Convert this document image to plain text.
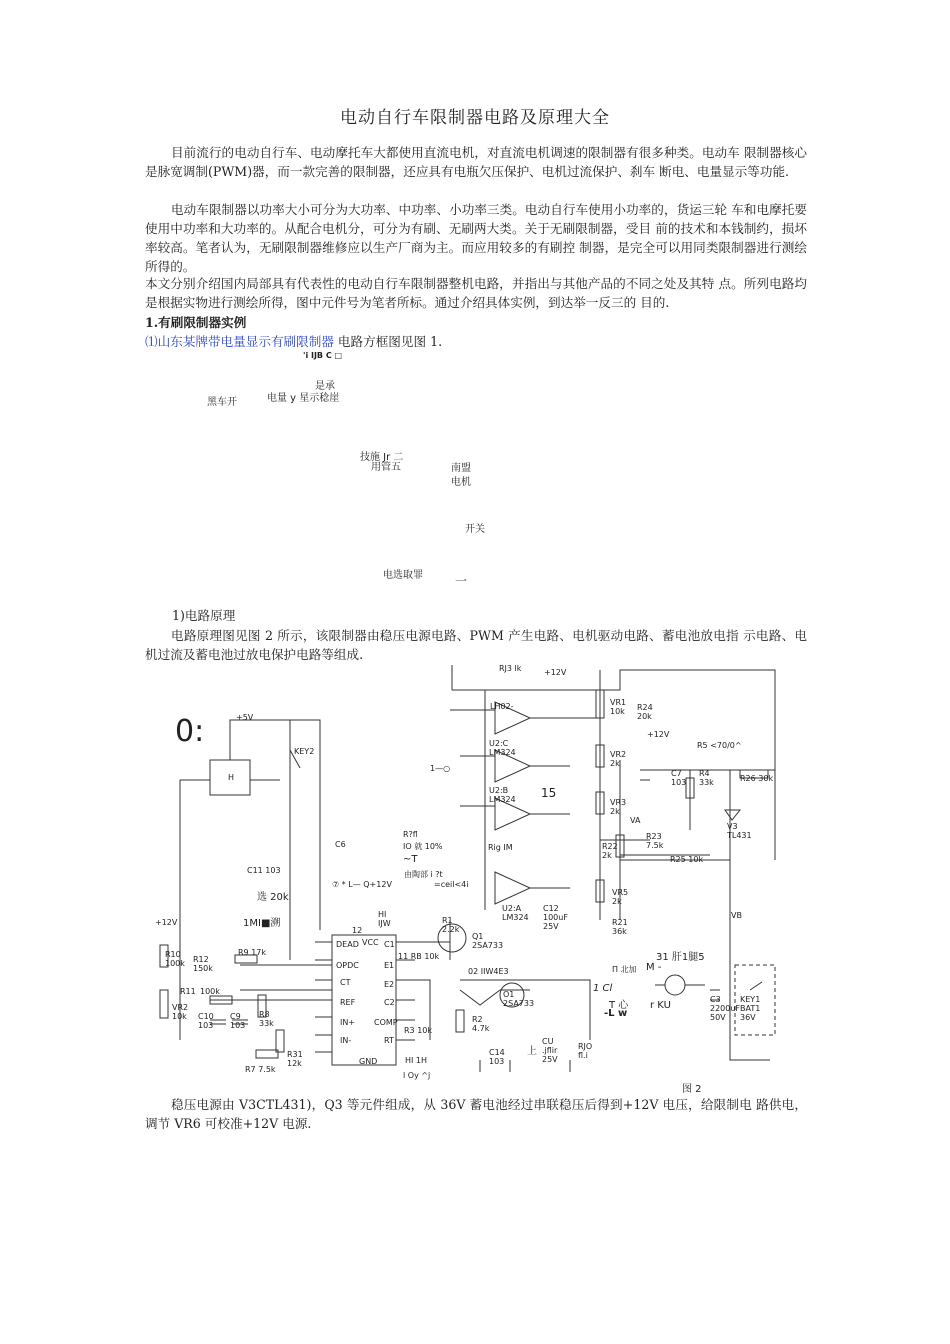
电动自行车限制器电路及原理大全
目前流行的电动自行车、电动摩托车大都使用直流电机，对直流电机调速的限制器有很多种类。电动车 限制器核心是脉宽调制(PWM)器，而一款完善的限制器，还应具有电瓶欠压保护、电机过流保护、刹车 断电、电量显示等功能.
电动车限制器以功率大小可分为大功率、中功率、小功率三类。电动自行车使用小功率的，货运三轮 车和电摩托要使用中功率和大功率的。从配合电机分，可分为有刷、无刷两大类。关于无刷限制器，受目 前的技术和本钱制约，损坏率较高。笔者认为，无刷限制器维修应以生产厂商为主。而应用较多的有刷控 制器，是完全可以用同类限制器进行测绘所得的。
本文分别介绍国内局部具有代表性的电动自行车限制器整机电路，并指出与其他产品的不同之处及其特 点。所列电路均是根据实物进行测绘所得，图中元件号为笔者所标。通过介绍具体实例，到达举一反三的 目的.
1.有刷限制器实例
⑴山东某牌带电量显示有刷限制器 电路方框图见图 1.
'i IJB C □
是承
黑车开	电量 y 星示稔崖
技施 Jr 二
用管五	南盟
电机
开关
电选取罪	一
1)电路原理
电路原理图见图 2 所示，该限制器由稳压电源电路、PWM 产生电路、电机驱动电路、蓄电池放电指 示电路、电机过流及蓄电池过放电保护电路等组成.
0:	+5V
KEY2
H
RJ3 lk	+12V
LH02-
U2:C LM324
U2:B LM324
U2:A LM324
15
1—○
VR1 10k	R24 20k
VR2 2k
VR3 2k
R22 2k
R23 7.5k
R25 10k
VR5 2k
R21 36k
C12 100uF 25V
+12V
C7 103
R4 33k
R5 <70/0^
R26 30k
V3 TL431
VA
VB
C6
R?fl
IO 就 10%
~T
Rig IM
由陶部 i ?t
=ceil<4i
⑦ * L— Q+12V
C11 103
选 20k
1MI■溯
HI IJW
12
DEAD VCC
OPDC
REF
IN+
IN-
CT
GND
C1
E1
E2
C2
COMP
RT
+12V
R10 100k
VR2 10k
R9 17k
R12 150k
R11 100k
C10 103
C9 103
R8 33k
R31 12k
R7 7.5k
R1 2.2k
Q1 2SA733
11 RB 10k
R3 10k
HI 1H
l Oy ^j
02 IIW4E3
O1 2SA733
R2 4.7k
C14 103
CU .jflir 25V
上	RJO fl.i
31 肝1腿5
M -
Π 北加
1 Cl
T 心
-L w
r KU
C3 2200uF 50V
KEY1 BAT1 36V
图 2
稳压电源由 V3CTL431)，Q3 等元件组成，从 36V 蓄电池经过串联稳压后得到+12V 电压，给限制电 路供电，调节 VR6 可校准+12V 电源.
